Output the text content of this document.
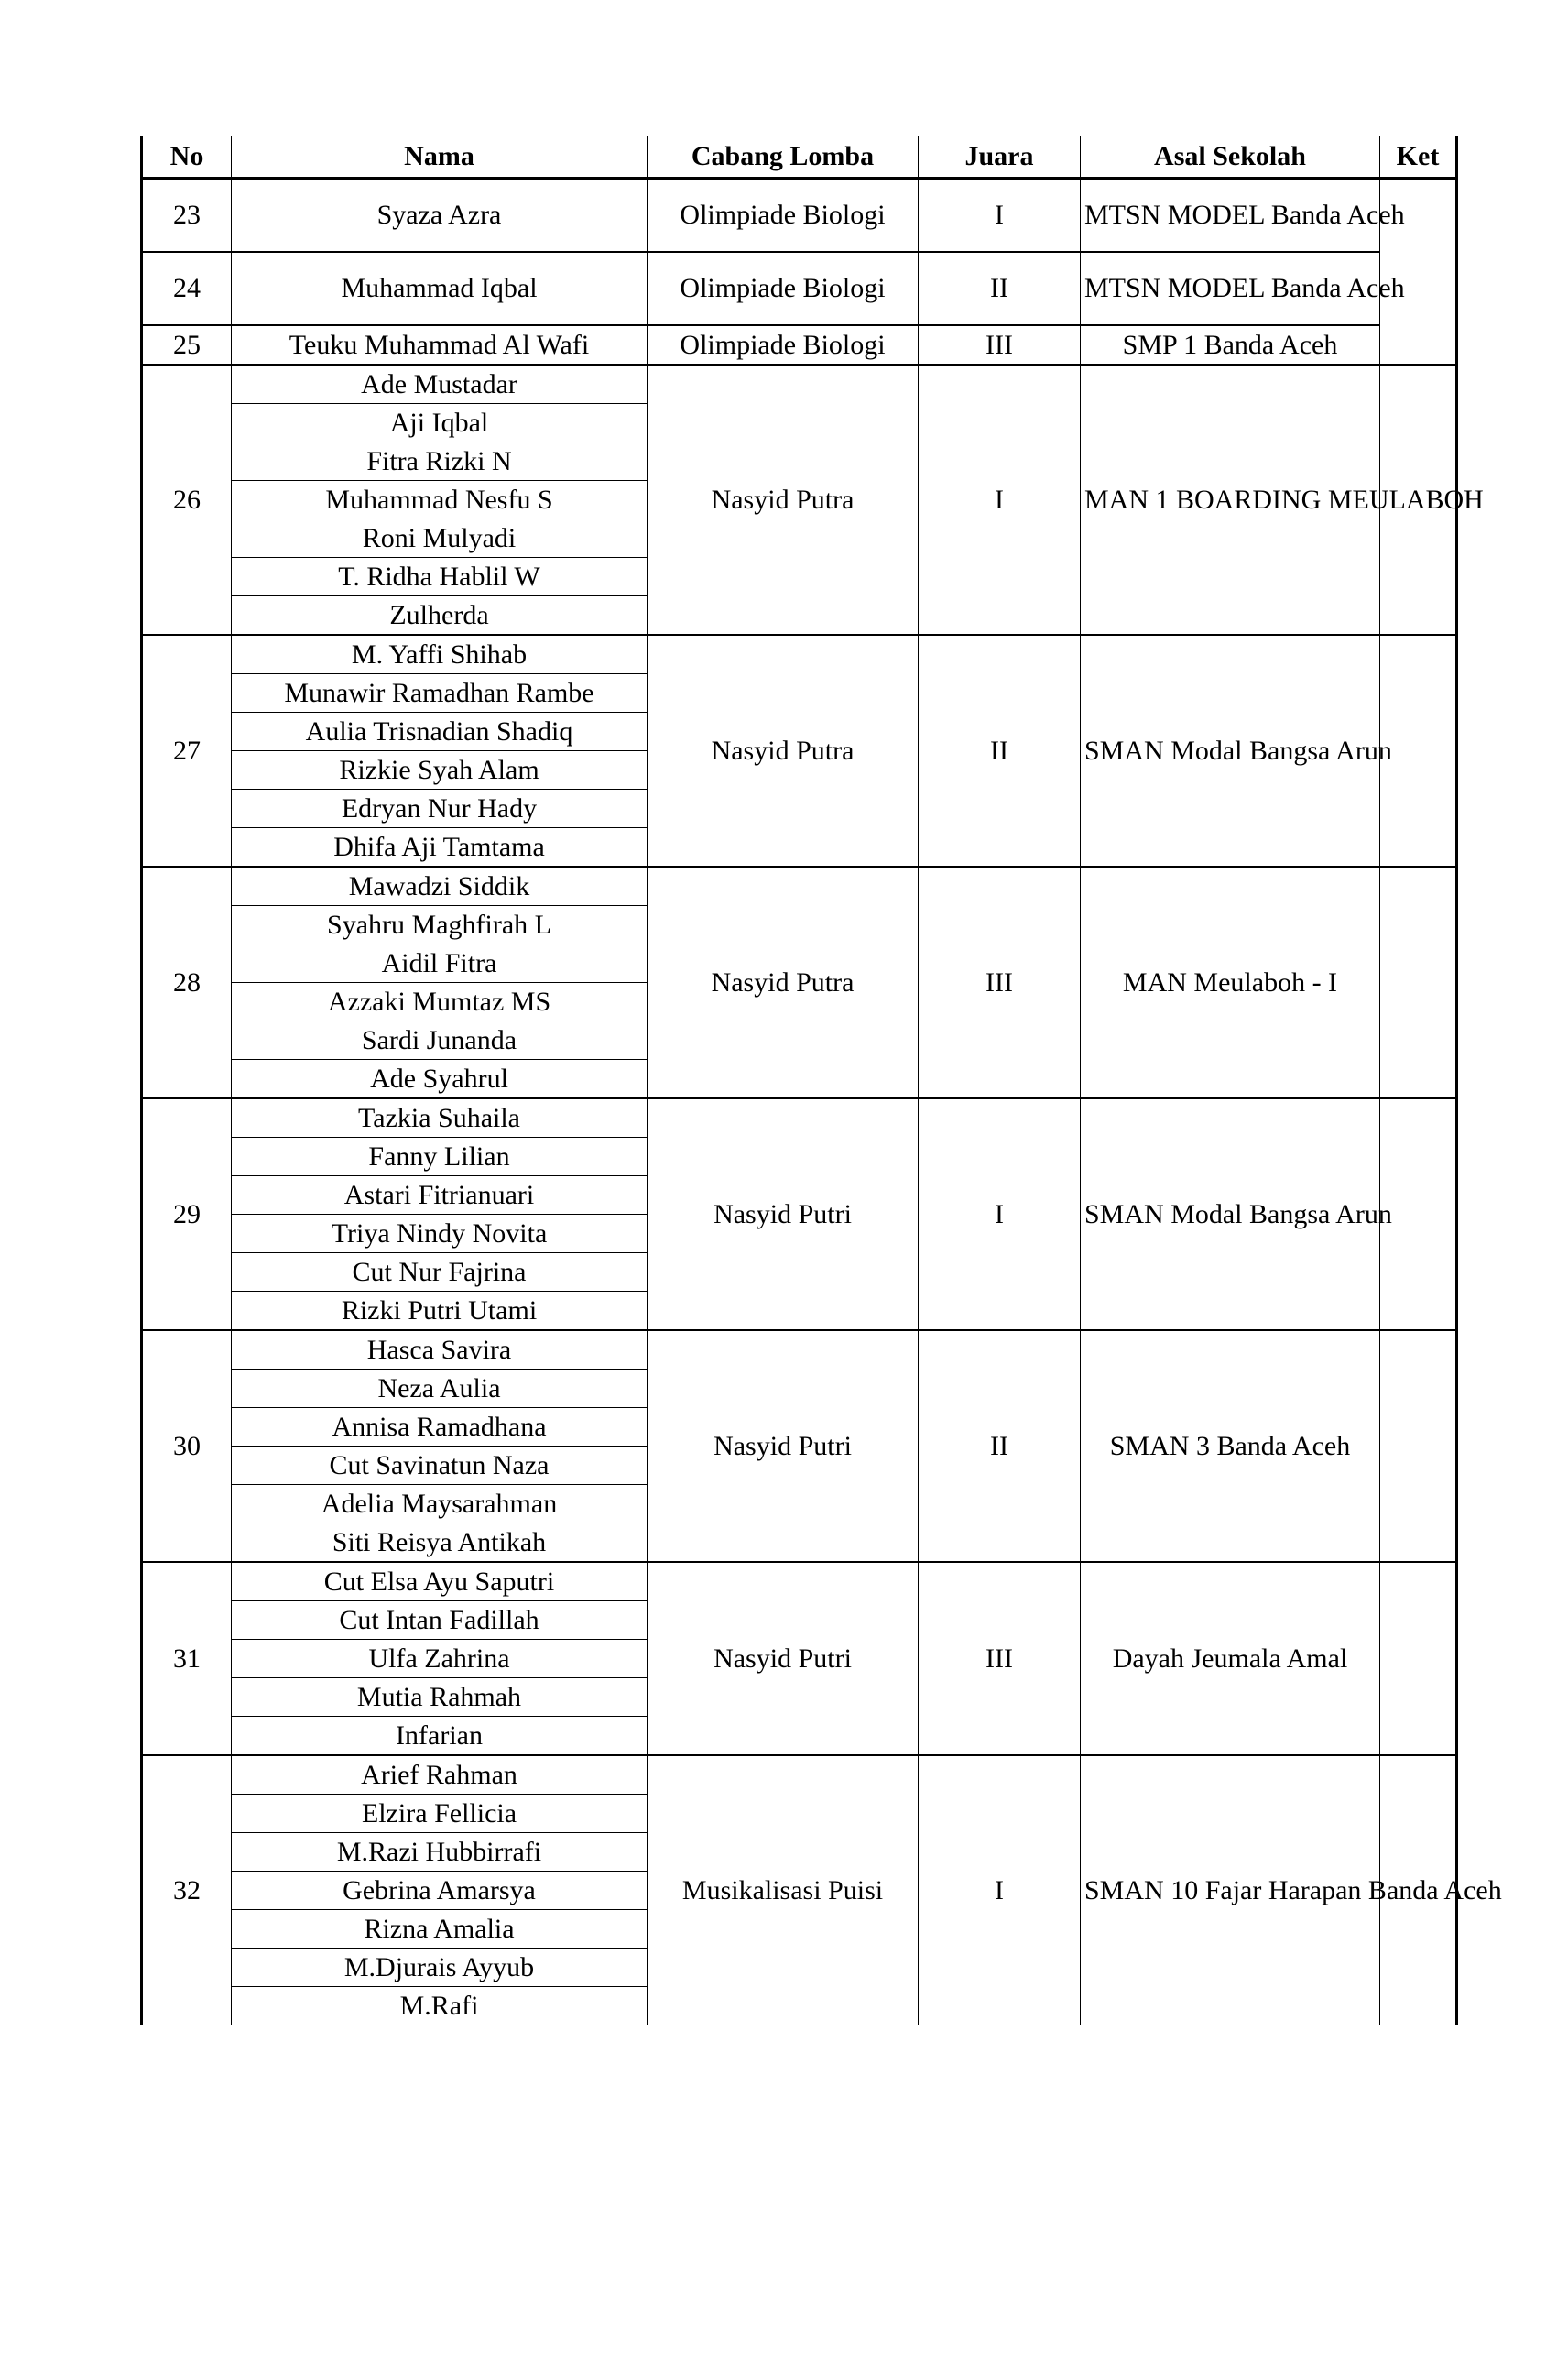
No	Nama	Cabang Lomba	Juara	Asal Sekolah	Ket
23	Syaza Azra	Olimpiade Biologi	I	MTSN MODEL Banda Aceh	
24	Muhammad Iqbal	Olimpiade Biologi	II	MTSN MODEL Banda Aceh	
25	Teuku Muhammad Al Wafi	Olimpiade Biologi	III	SMP 1 Banda Aceh	
26	Ade Mustadar	Nasyid Putra	I	MAN 1 BOARDING MEULABOH	
	Aji Iqbal				
	Fitra Rizki N				
	Muhammad Nesfu S				
	Roni Mulyadi				
	T. Ridha Hablil W				
	Zulherda				
27	M. Yaffi Shihab	Nasyid Putra	II	SMAN Modal Bangsa Arun	
	Munawir Ramadhan Rambe				
	Aulia Trisnadian Shadiq				
	Rizkie Syah Alam				
	Edryan Nur Hady				
	Dhifa Aji Tamtama				
28	Mawadzi Siddik	Nasyid Putra	III	MAN Meulaboh - I	
	Syahru Maghfirah L				
	Aidil Fitra				
	Azzaki Mumtaz MS				
	Sardi Junanda				
	Ade Syahrul				
29	Tazkia Suhaila	Nasyid Putri	I	SMAN Modal Bangsa Arun	
	Fanny Lilian				
	Astari Fitrianuari				
	Triya Nindy Novita				
	Cut Nur Fajrina				
	Rizki Putri Utami				
30	Hasca Savira	Nasyid Putri	II	SMAN 3 Banda Aceh	
	Neza Aulia				
	Annisa Ramadhana				
	Cut Savinatun Naza				
	Adelia Maysarahman				
	Siti Reisya Antikah				
31	Cut Elsa Ayu Saputri	Nasyid Putri	III	Dayah Jeumala Amal	
	Cut Intan Fadillah				
	Ulfa Zahrina				
	Mutia Rahmah				
	Infarian				
32	Arief Rahman	Musikalisasi Puisi	I	SMAN 10 Fajar Harapan Banda Aceh	
	Elzira Fellicia				
	M.Razi Hubbirrafi				
	Gebrina Amarsya				
	Rizna Amalia				
	M.Djurais Ayyub				
	M.Rafi				
